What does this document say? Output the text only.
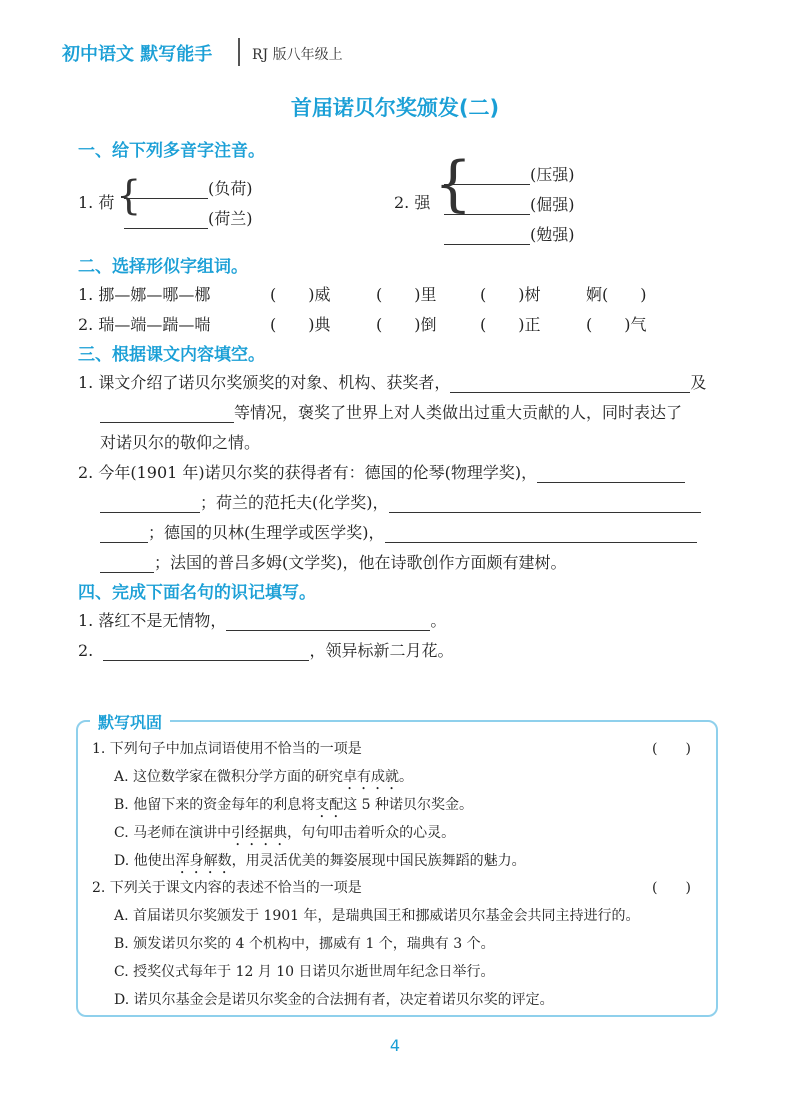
初中语文 默写能手	RJ 版八年级上
首届诺贝尔奖颁发(二)
一、给下列多音字注音。
1. 荷 {	(负荷)
(荷兰)
2. 强 {	(压强)
(倔强)
(勉强)
二、选择形似字组词。
1. 挪—娜—哪—梛	(　　)威	(　　)里	(　　)树	婀(　　)
2. 瑞—端—踹—喘	(　　)典	(　　)倒	(　　)正	(　　)气
三、根据课文内容填空。
1. 课文介绍了诺贝尔奖颁奖的对象、机构、获奖者，	及
等情况，褒奖了世界上对人类做出过重大贡献的人，同时表达了
对诺贝尔的敬仰之情。
2. 今年(1901 年)诺贝尔奖的获得者有：德国的伦琴(物理学奖)，
；荷兰的范托夫(化学奖)，
；德国的贝林(生理学或医学奖)，
；法国的普吕多姆(文学奖)，他在诗歌创作方面颇有建树。
四、完成下面名句的识记填写。
1. 落红不是无情物，	。
2.	，领异标新二月花。
默写巩固
1. 下列句子中加点词语使用不恰当的一项是	(　　)
A. 这位数学家在微积分学方面的研究卓有成就。
B. 他留下来的资金每年的利息将支配这 5 种诺贝尔奖金。
C. 马老师在演讲中引经据典，句句叩击着听众的心灵。
D. 他使出浑身解数，用灵活优美的舞姿展现中国民族舞蹈的魅力。
2. 下列关于课文内容的表述不恰当的一项是	(　　)
A. 首届诺贝尔奖颁发于 1901 年，是瑞典国王和挪威诺贝尔基金会共同主持进行的。
B. 颁发诺贝尔奖的 4 个机构中，挪威有 1 个，瑞典有 3 个。
C. 授奖仪式每年于 12 月 10 日诺贝尔逝世周年纪念日举行。
D. 诺贝尔基金会是诺贝尔奖金的合法拥有者，决定着诺贝尔奖的评定。
4
